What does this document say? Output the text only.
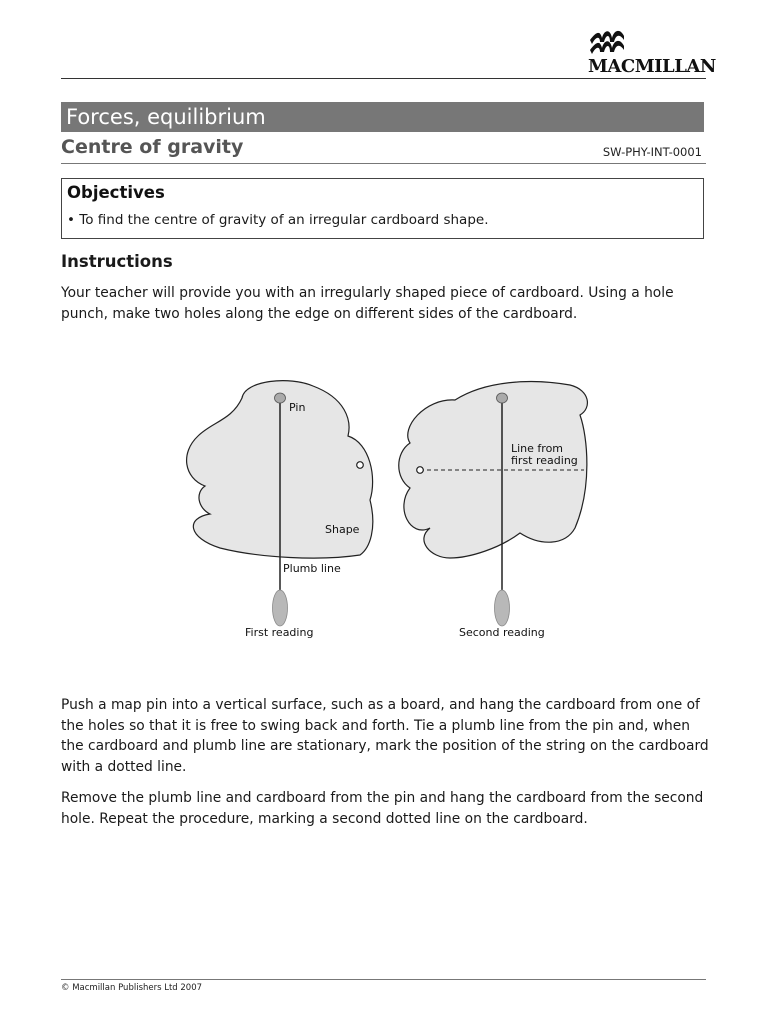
MACMILLAN
Forces, equilibrium
Centre of gravity	SW-PHY-INT-0001
Objectives
• To find the centre of gravity of an irregular cardboard shape.
Instructions

Your teacher will provide you with an irregularly shaped piece of cardboard. Using a hole punch, make two holes along the edge on different sides of the cardboard.

Pin
Shape
Plumb line
First reading
Line from
first reading
Second reading

Push a map pin into a vertical surface, such as a board, and hang the cardboard from one of the holes so that it is free to swing back and forth. Tie a plumb line from the pin and, when the cardboard and plumb line are stationary, mark the position of the string on the cardboard with a dotted line.

Remove the plumb line and cardboard from the pin and hang the cardboard from the second hole. Repeat the procedure, marking a second dotted line on the cardboard.

© Macmillan Publishers Ltd 2007
